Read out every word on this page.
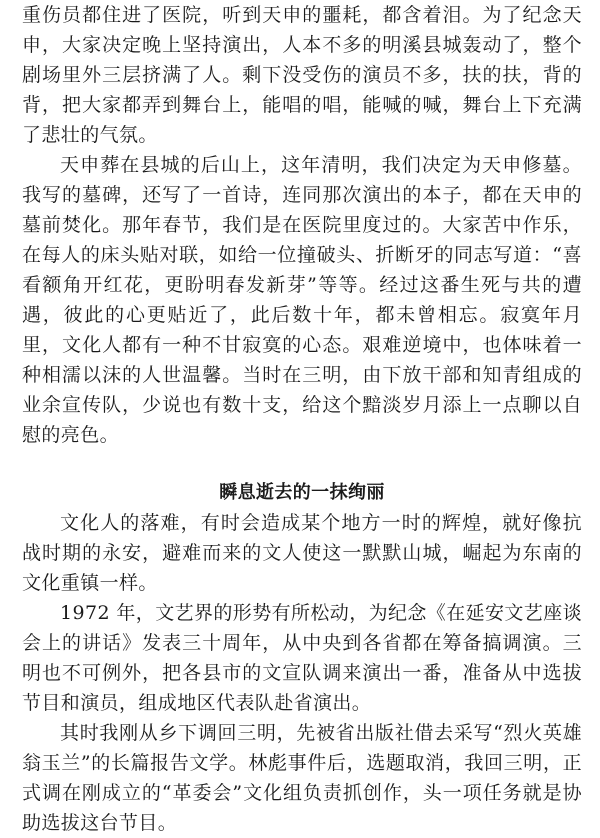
重伤员都住进了医院，听到天申的噩耗，都含着泪。为了纪念天申，大家决定晚上坚持演出，人本不多的明溪县城轰动了，整个剧场里外三层挤满了人。剩下没受伤的演员不多，扶的扶，背的背，把大家都弄到舞台上，能唱的唱，能喊的喊，舞台上下充满了悲壮的气氛。

天申葬在县城的后山上，这年清明，我们决定为天申修墓。我写的墓碑，还写了一首诗，连同那次演出的本子，都在天申的墓前焚化。那年春节，我们是在医院里度过的。大家苦中作乐，在每人的床头贴对联，如给一位撞破头、折断牙的同志写道：“喜看额角开红花，更盼明春发新芽”等等。经过这番生死与共的遭遇，彼此的心更贴近了，此后数十年，都未曾相忘。寂寞年月里，文化人都有一种不甘寂寞的心态。艰难逆境中，也体味着一种相濡以沫的人世温馨。当时在三明，由下放干部和知青组成的业余宣传队，少说也有数十支，给这个黯淡岁月添上一点聊以自慰的亮色。

瞬息逝去的一抹绚丽

文化人的落难，有时会造成某个地方一时的辉煌，就好像抗战时期的永安，避难而来的文人使这一默默山城，崛起为东南的文化重镇一样。

1972 年，文艺界的形势有所松动，为纪念《在延安文艺座谈会上的讲话》发表三十周年，从中央到各省都在筹备搞调演。三明也不可例外，把各县市的文宣队调来演出一番，准备从中选拔节目和演员，组成地区代表队赴省演出。

其时我刚从乡下调回三明，先被省出版社借去采写“烈火英雄翁玉兰”的长篇报告文学。林彪事件后，选题取消，我回三明，正式调在刚成立的“革委会”文化组负责抓创作，头一项任务就是协助选拔这台节目。
